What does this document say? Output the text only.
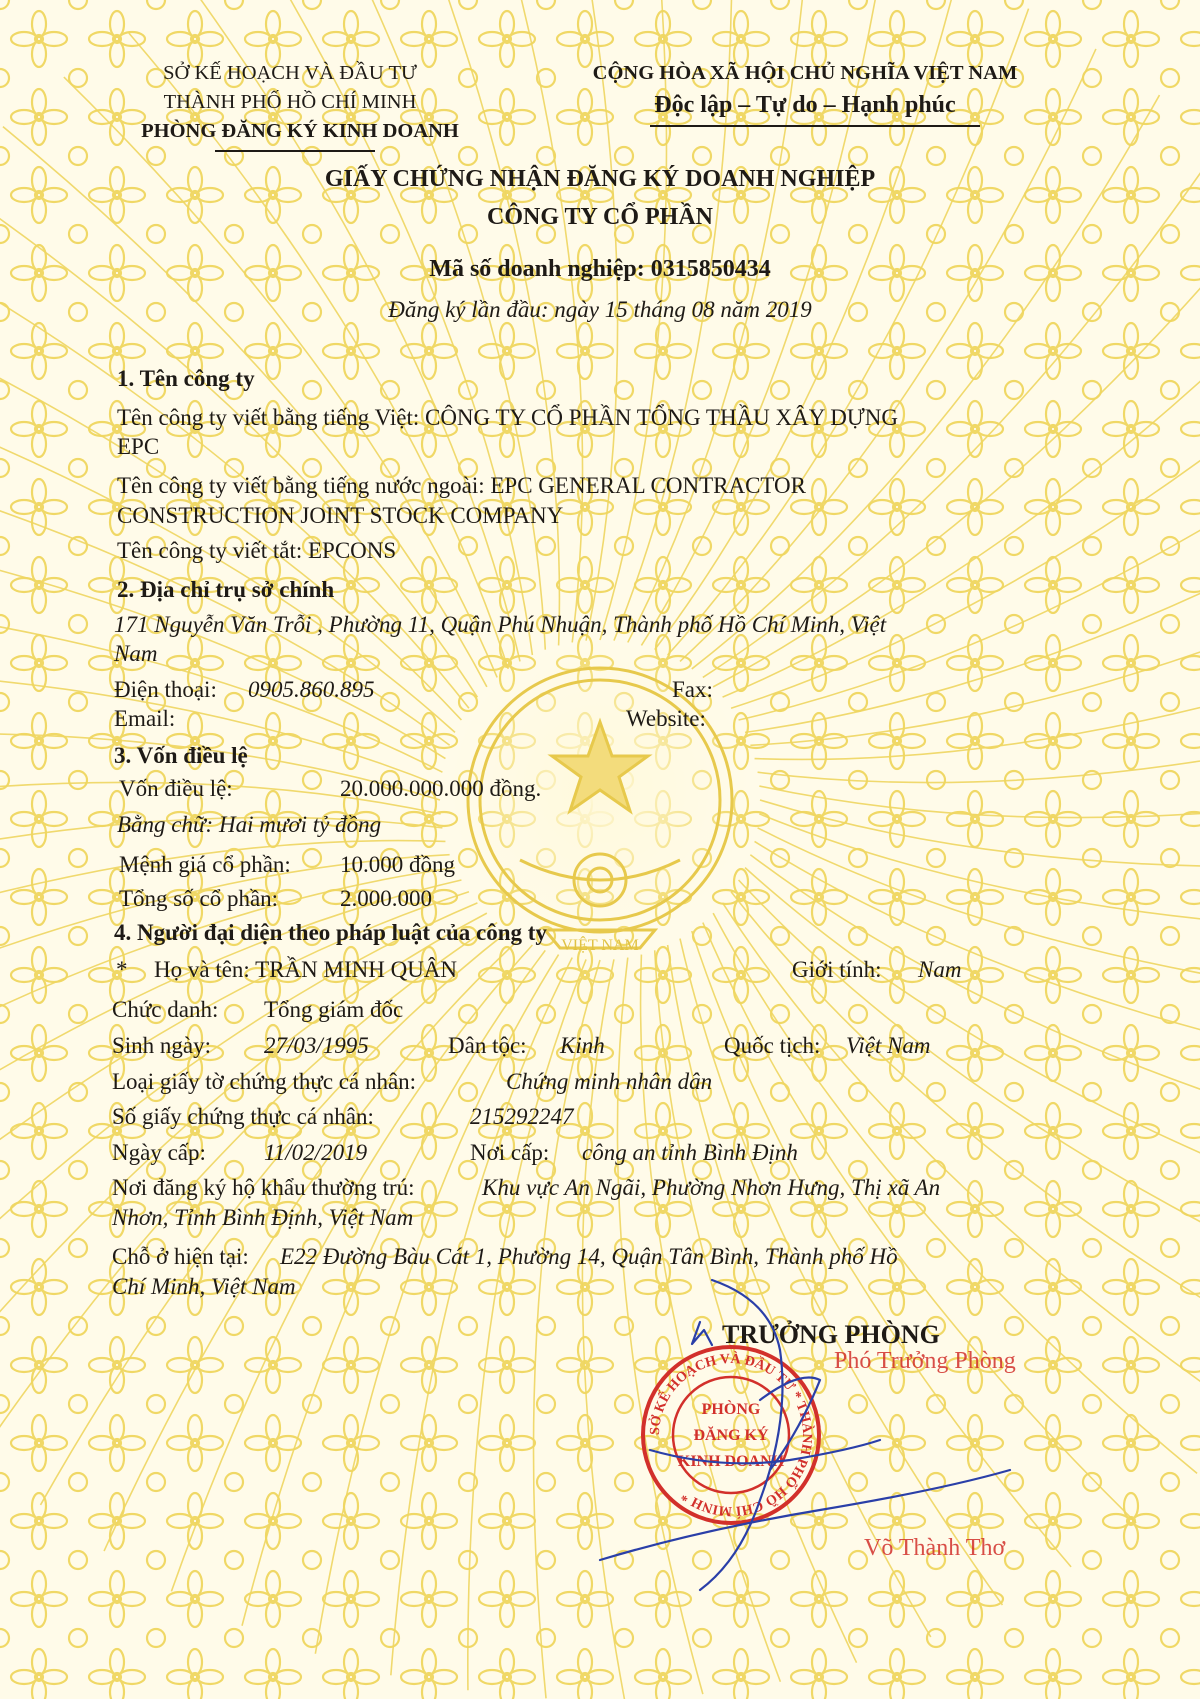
VIỆT NAM
SỞ KẾ HOẠCH VÀ ĐẦU TƯ
THÀNH PHỐ HỒ CHÍ MINH
PHÒNG ĐĂNG KÝ KINH DOANH
CỘNG HÒA XÃ HỘI CHỦ NGHĨA VIỆT NAM
Độc lập – Tự do – Hạnh phúc
GIẤY CHỨNG NHẬN ĐĂNG KÝ DOANH NGHIỆP
CÔNG TY CỔ PHẦN
Mã số doanh nghiệp: 0315850434
Đăng ký lần đầu: ngày 15 tháng 08 năm 2019
1. Tên công ty
Tên công ty viết bằng tiếng Việt: CÔNG TY CỔ PHẦN TỔNG THẦU XÂY DỰNG
EPC
Tên công ty viết bằng tiếng nước ngoài: EPC GENERAL CONTRACTOR
CONSTRUCTION JOINT STOCK COMPANY
Tên công ty viết tắt: EPCONS
2. Địa chỉ trụ sở chính
171 Nguyễn Văn Trỗi , Phường 11, Quận Phú Nhuận, Thành phố Hồ Chí Minh, Việt
Nam
Điện thoại: 0905.860.895	Fax:
Email:	Website:
3. Vốn điều lệ
Vốn điều lệ:	20.000.000.000 đồng.
Bằng chữ: Hai mươi tỷ đồng
Mệnh giá cổ phần: 10.000 đồng
Tổng số cổ phần:	2.000.000
4. Người đại diện theo pháp luật của công ty
* Họ và tên: TRẦN MINH QUÂN	Giới tính: Nam
Chức danh: Tổng giám đốc
Sinh ngày: 27/03/1995	Dân tộc: Kinh	Quốc tịch: Việt Nam
Loại giấy tờ chứng thực cá nhân:	Chứng minh nhân dân
Số giấy chứng thực cá nhân:	215292247
Ngày cấp:	11/02/2019	Nơi cấp: công an tỉnh Bình Định
Nơi đăng ký hộ khẩu thường trú:	Khu vực An Ngãi, Phường Nhơn Hưng, Thị xã An
Nhơn, Tỉnh Bình Định, Việt Nam
Chỗ ở hiện tại: E22 Đường Bàu Cát 1, Phường 14, Quận Tân Bình, Thành phố Hồ
Chí Minh, Việt Nam
TRƯỞNG PHÒNG
Phó Trưởng Phòng
SỞ KẾ HOẠCH VÀ ĐẦU TƯ * THÀNH PHỐ HỒ CHÍ MINH *
PHÒNG
ĐĂNG KÝ
KINH DOANH
Võ Thành Thơ
